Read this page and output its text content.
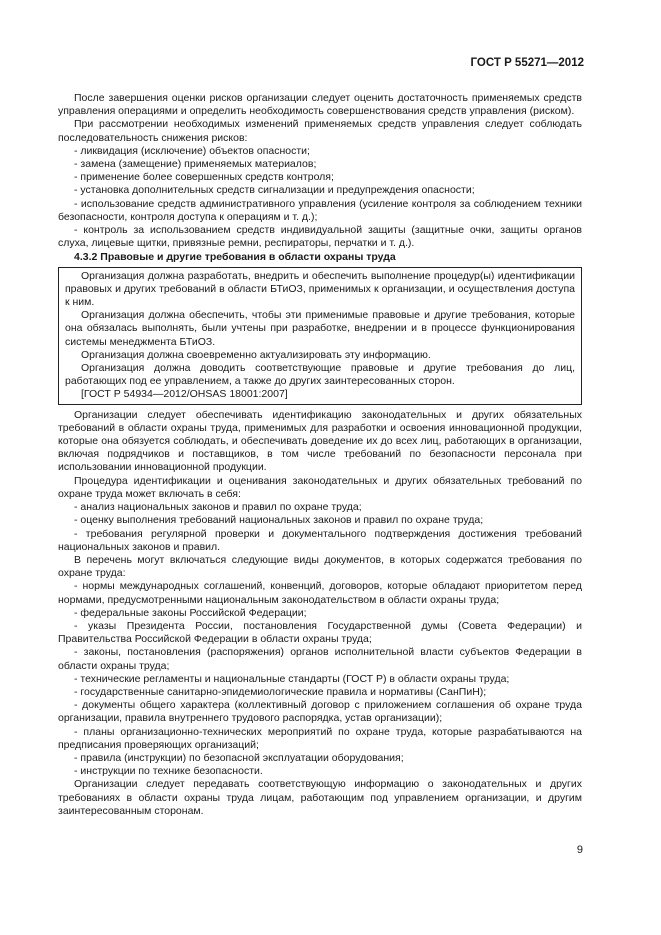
ГОСТ Р 55271—2012

После завершения оценки рисков организации следует оценить достаточность применяемых средств управления операциями и определить необходимость совершенствования средств управления (риском).

При рассмотрении необходимых изменений применяемых средств управления следует соблюдать последовательность снижения рисков:

- ликвидация (исключение) объектов опасности;

- замена (замещение) применяемых материалов;

- применение более совершенных средств контроля;

- установка дополнительных средств сигнализации и предупреждения опасности;

- использование средств административного управления (усиление контроля за соблюдением техники безопасности, контроля доступа к операциям и т. д.);

- контроль за использованием средств индивидуальной защиты (защитные очки, защиты органов слуха, лицевые щитки, привязные ремни, респираторы, перчатки и т. д.).

4.3.2 Правовые и другие требования в области охраны труда

Организация должна разработать, внедрить и обеспечить выполнение процедур(ы) идентификации правовых и других требований в области БТиОЗ, применимых к организации, и осуществления доступа к ним.

Организация должна обеспечить, чтобы эти применимые правовые и другие требования, которые она обязалась выполнять, были учтены при разработке, внедрении и в процессе функционирования системы менеджмента БТиОЗ.

Организация должна своевременно актуализировать эту информацию.

Организация должна доводить соответствующие правовые и другие требования до лиц, работающих под ее управлением, а также до других заинтересованных сторон.

[ГОСТ Р 54934—2012/OHSAS 18001:2007]

Организации следует обеспечивать идентификацию законодательных и других обязательных требований в области охраны труда, применимых для разработки и освоения инновационной продукции, которые она обязуется соблюдать, и обеспечивать доведение их до всех лиц, работающих в организации, включая подрядчиков и поставщиков, в том числе требований по безопасности персонала при использовании инновационной продукции.

Процедура идентификации и оценивания законодательных и других обязательных требований по охране труда может включать в себя:

- анализ национальных законов и правил по охране труда;

- оценку выполнения требований национальных законов и правил по охране труда;

- требования регулярной проверки и документального подтверждения достижения требований национальных законов и правил.

В перечень могут включаться следующие виды документов, в которых содержатся требования по охране труда:

- нормы международных соглашений, конвенций, договоров, которые обладают приоритетом перед нормами, предусмотренными национальным законодательством в области охраны труда;

- федеральные законы Российской Федерации;

- указы Президента России, постановления Государственной думы (Совета Федерации) и Правительства Российской Федерации в области охраны труда;

- законы, постановления (распоряжения) органов исполнительной власти субъектов Федерации в области охраны труда;

- технические регламенты и национальные стандарты (ГОСТ Р) в области охраны труда;

- государственные санитарно-эпидемиологические правила и нормативы (СанПиН);

- документы общего характера (коллективный договор с приложением соглашения об охране труда организации, правила внутреннего трудового распорядка, устав организации);

- планы организационно-технических мероприятий по охране труда, которые разрабатываются на предписания проверяющих организаций;

- правила (инструкции) по безопасной эксплуатации оборудования;

- инструкции по технике безопасности.

Организации следует передавать соответствующую информацию о законодательных и других требованиях в области охраны труда лицам, работающим под управлением организации, и другим заинтересованным сторонам.

9
